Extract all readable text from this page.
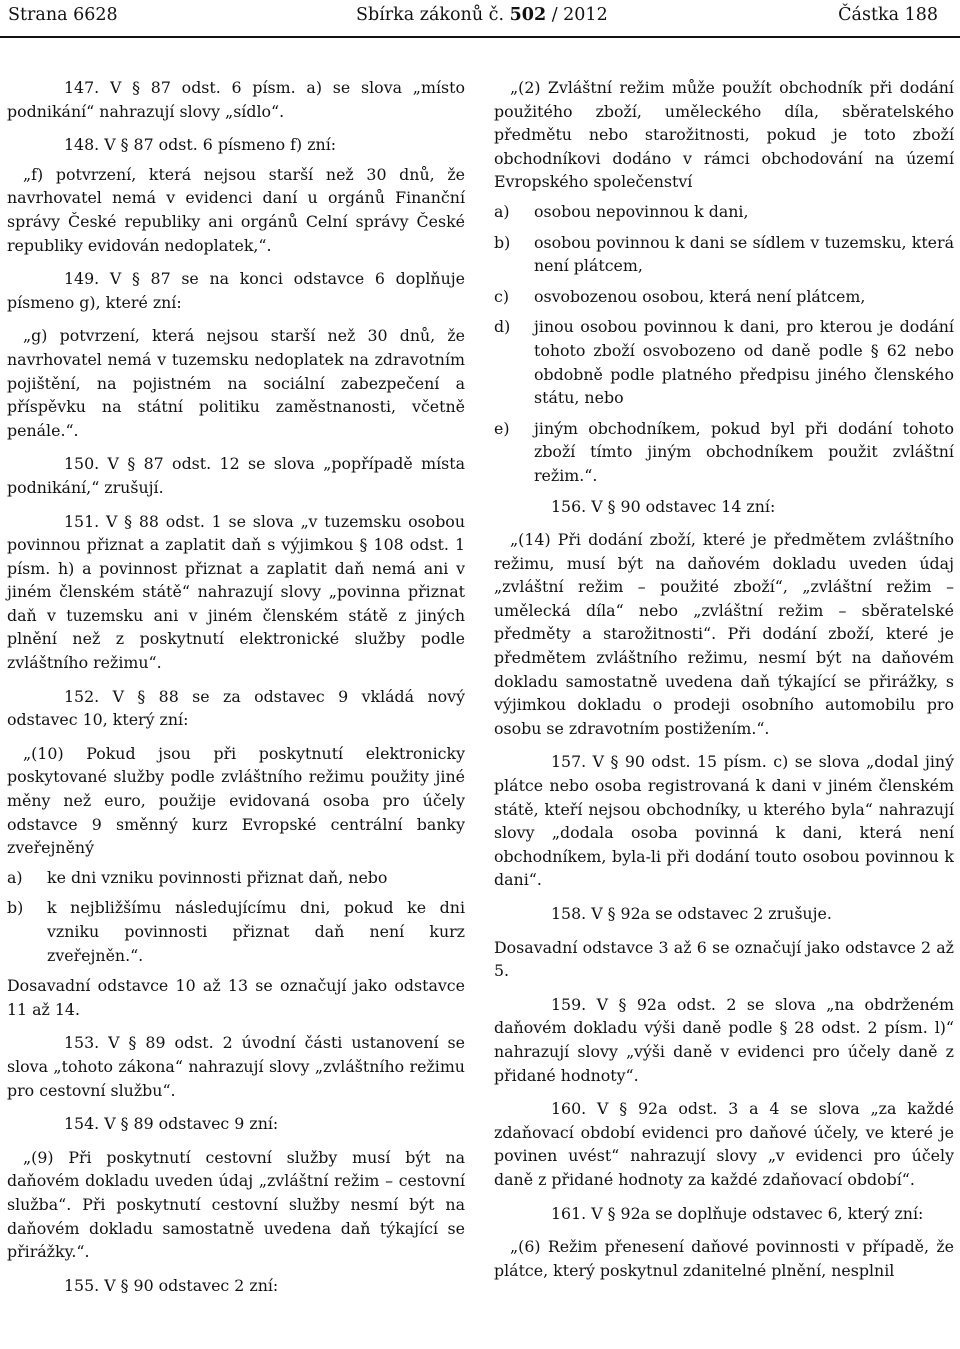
Strana 6628	Sbírka zákonů č. 502 / 2012	Částka 188

147. V § 87 odst. 6 písm. a) se slova „místo podnikání“ nahrazují slovy „sídlo“.

148. V § 87 odst. 6 písmeno f) zní:

„f) potvrzení, která nejsou starší než 30 dnů, že navrhovatel nemá v evidenci daní u orgánů Finanční správy České republiky ani orgánů Celní správy České republiky evidován nedoplatek,“.

149. V § 87 se na konci odstavce 6 doplňuje písmeno g), které zní:

„g) potvrzení, která nejsou starší než 30 dnů, že navrhovatel nemá v tuzemsku nedoplatek na zdravotním pojištění, na pojistném na sociální zabezpečení a příspěvku na státní politiku zaměstnanosti, včetně penále.“.

150. V § 87 odst. 12 se slova „popřípadě místa podnikání,“ zrušují.

151. V § 88 odst. 1 se slova „v tuzemsku osobou povinnou přiznat a zaplatit daň s výjimkou § 108 odst. 1 písm. h) a povinnost přiznat a zaplatit daň nemá ani v jiném členském státě“ nahrazují slovy „povinna přiznat daň v tuzemsku ani v jiném členském státě z jiných plnění než z poskytnutí elektronické služby podle zvláštního režimu“.

152. V § 88 se za odstavec 9 vkládá nový odstavec 10, který zní:

„(10) Pokud jsou při poskytnutí elektronicky poskytované služby podle zvláštního režimu použity jiné měny než euro, použije evidovaná osoba pro účely odstavce 9 směnný kurz Evropské centrální banky zveřejněný

a) ke dni vzniku povinnosti přiznat daň, nebo

b) k nejbližšímu následujícímu dni, pokud ke dni vzniku povinnosti přiznat daň není kurz zveřejněn.“.

Dosavadní odstavce 10 až 13 se označují jako odstavce 11 až 14.

153. V § 89 odst. 2 úvodní části ustanovení se slova „tohoto zákona“ nahrazují slovy „zvláštního režimu pro cestovní službu“.

154. V § 89 odstavec 9 zní:

„(9) Při poskytnutí cestovní služby musí být na daňovém dokladu uveden údaj „zvláštní režim – cestovní služba“. Při poskytnutí cestovní služby nesmí být na daňovém dokladu samostatně uvedena daň týkající se přirážky.“.

155. V § 90 odstavec 2 zní:

„(2) Zvláštní režim může použít obchodník při dodání použitého zboží, uměleckého díla, sběratelského předmětu nebo starožitnosti, pokud je toto zboží obchodníkovi dodáno v rámci obchodování na území Evropského společenství

a) osobou nepovinnou k dani,

b) osobou povinnou k dani se sídlem v tuzemsku, která není plátcem,

c) osvobozenou osobou, která není plátcem,

d) jinou osobou povinnou k dani, pro kterou je dodání tohoto zboží osvobozeno od daně podle § 62 nebo obdobně podle platného předpisu jiného členského státu, nebo

e) jiným obchodníkem, pokud byl při dodání tohoto zboží tímto jiným obchodníkem použit zvláštní režim.“.

156. V § 90 odstavec 14 zní:

„(14) Při dodání zboží, které je předmětem zvláštního režimu, musí být na daňovém dokladu uveden údaj „zvláštní režim – použité zboží“, „zvláštní režim – umělecká díla“ nebo „zvláštní režim – sběratelské předměty a starožitnosti“. Při dodání zboží, které je předmětem zvláštního režimu, nesmí být na daňovém dokladu samostatně uvedena daň týkající se přirážky, s výjimkou dokladu o prodeji osobního automobilu pro osobu se zdravotním postižením.“.

157. V § 90 odst. 15 písm. c) se slova „dodal jiný plátce nebo osoba registrovaná k dani v jiném členském státě, kteří nejsou obchodníky, u kterého byla“ nahrazují slovy „dodala osoba povinná k dani, která není obchodníkem, byla-li při dodání touto osobou povinnou k dani“.

158. V § 92a se odstavec 2 zrušuje.

Dosavadní odstavce 3 až 6 se označují jako odstavce 2 až 5.

159. V § 92a odst. 2 se slova „na obdrženém daňovém dokladu výši daně podle § 28 odst. 2 písm. l)“ nahrazují slovy „výši daně v evidenci pro účely daně z přidané hodnoty“.

160. V § 92a odst. 3 a 4 se slova „za každé zdaňovací období evidenci pro daňové účely, ve které je povinen uvést“ nahrazují slovy „v evidenci pro účely daně z přidané hodnoty za každé zdaňovací období“.

161. V § 92a se doplňuje odstavec 6, který zní:

„(6) Režim přenesení daňové povinnosti v případě, že plátce, který poskytnul zdanitelné plnění, nesplnil
